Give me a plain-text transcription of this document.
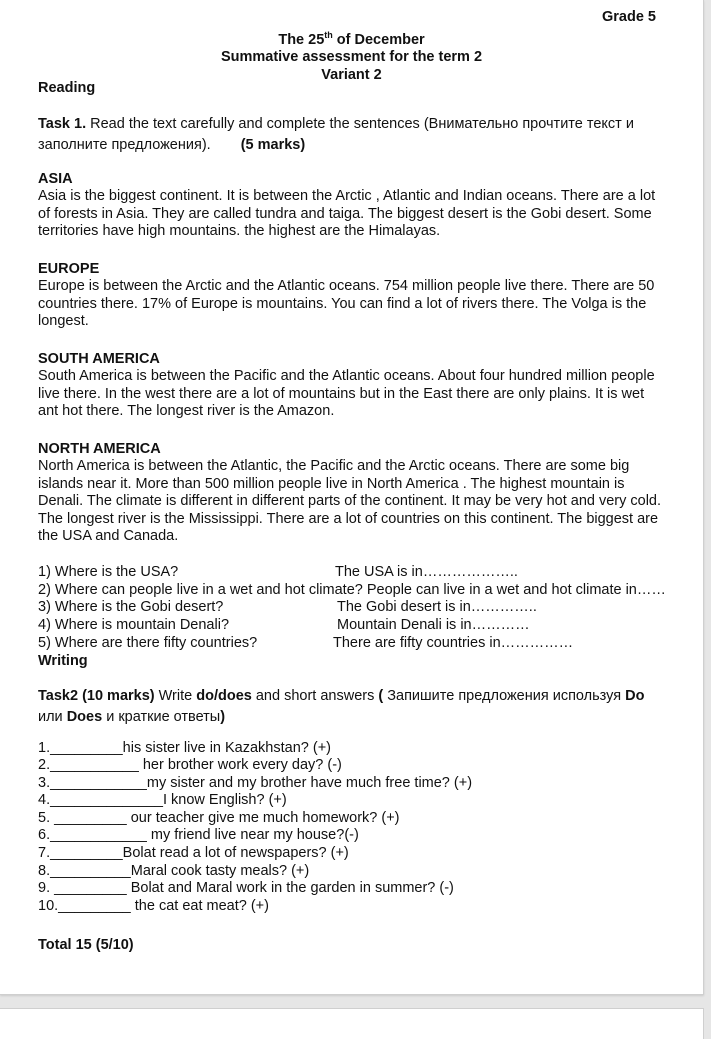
Grade 5
The 25th of December
Summative assessment for the term 2
Variant 2

Reading

Task 1. Read the text carefully and complete the sentences (Внимательно прочтите текст и заполните предложения). (5 marks)

ASIA

Asia is the biggest continent. It is between the Arctic , Atlantic and Indian oceans. There are a lot of forests in Asia. They are called tundra and taiga. The biggest desert is the Gobi desert. Some territories have high mountains. the highest are the Himalayas.

EUROPE

Europe is between the Arctic and the Atlantic oceans. 754 million people live there. There are 50 countries there. 17% of Europe is mountains. You can find a lot of rivers there. The Volga is the longest.

SOUTH AMERICA

South America is between the Pacific and the Atlantic oceans. About four hundred million people live there. In the west there are a lot of mountains but in the East there are only plains. It is wet ant hot there. The longest river is the Amazon.

NORTH AMERICA

North America is between the Atlantic, the Pacific and the Arctic oceans. There are some big islands near it. More than 500 million people live in North America . The highest mountain is Denali. The climate is different in different parts of the continent. It may be very hot and very cold. The longest river is the Mississippi. There are a lot of countries on this continent. The biggest are the USA and Canada.

1) Where is the USA?	The USA is in………………..
2) Where can people live in a wet and hot climate? People can live in a wet and hot climate in……
3) Where is the Gobi desert?	The Gobi desert is in…………..
4) Where is mountain Denali?	Mountain Denali is in…………
5) Where are there fifty countries?	There are fifty countries in……………

Writing

Task2 (10 marks) Write do/does and short answers ( Запишите предложения используя Do или Does и краткие ответы)

1._________his sister live in Kazakhstan? (+)
2.___________ her brother work every day? (-)
3.____________my sister and my brother have much free time? (+)
4.______________I know English? (+)
5. _________ our teacher give me much homework? (+)
6.____________ my friend live near my house?(-)
7._________Bolat read a lot of newspapers? (+)
8.__________Maral cook tasty meals? (+)
9. _________ Bolat and Maral work in the garden in summer? (-)
10._________ the cat eat meat? (+)

Total 15 (5/10)
